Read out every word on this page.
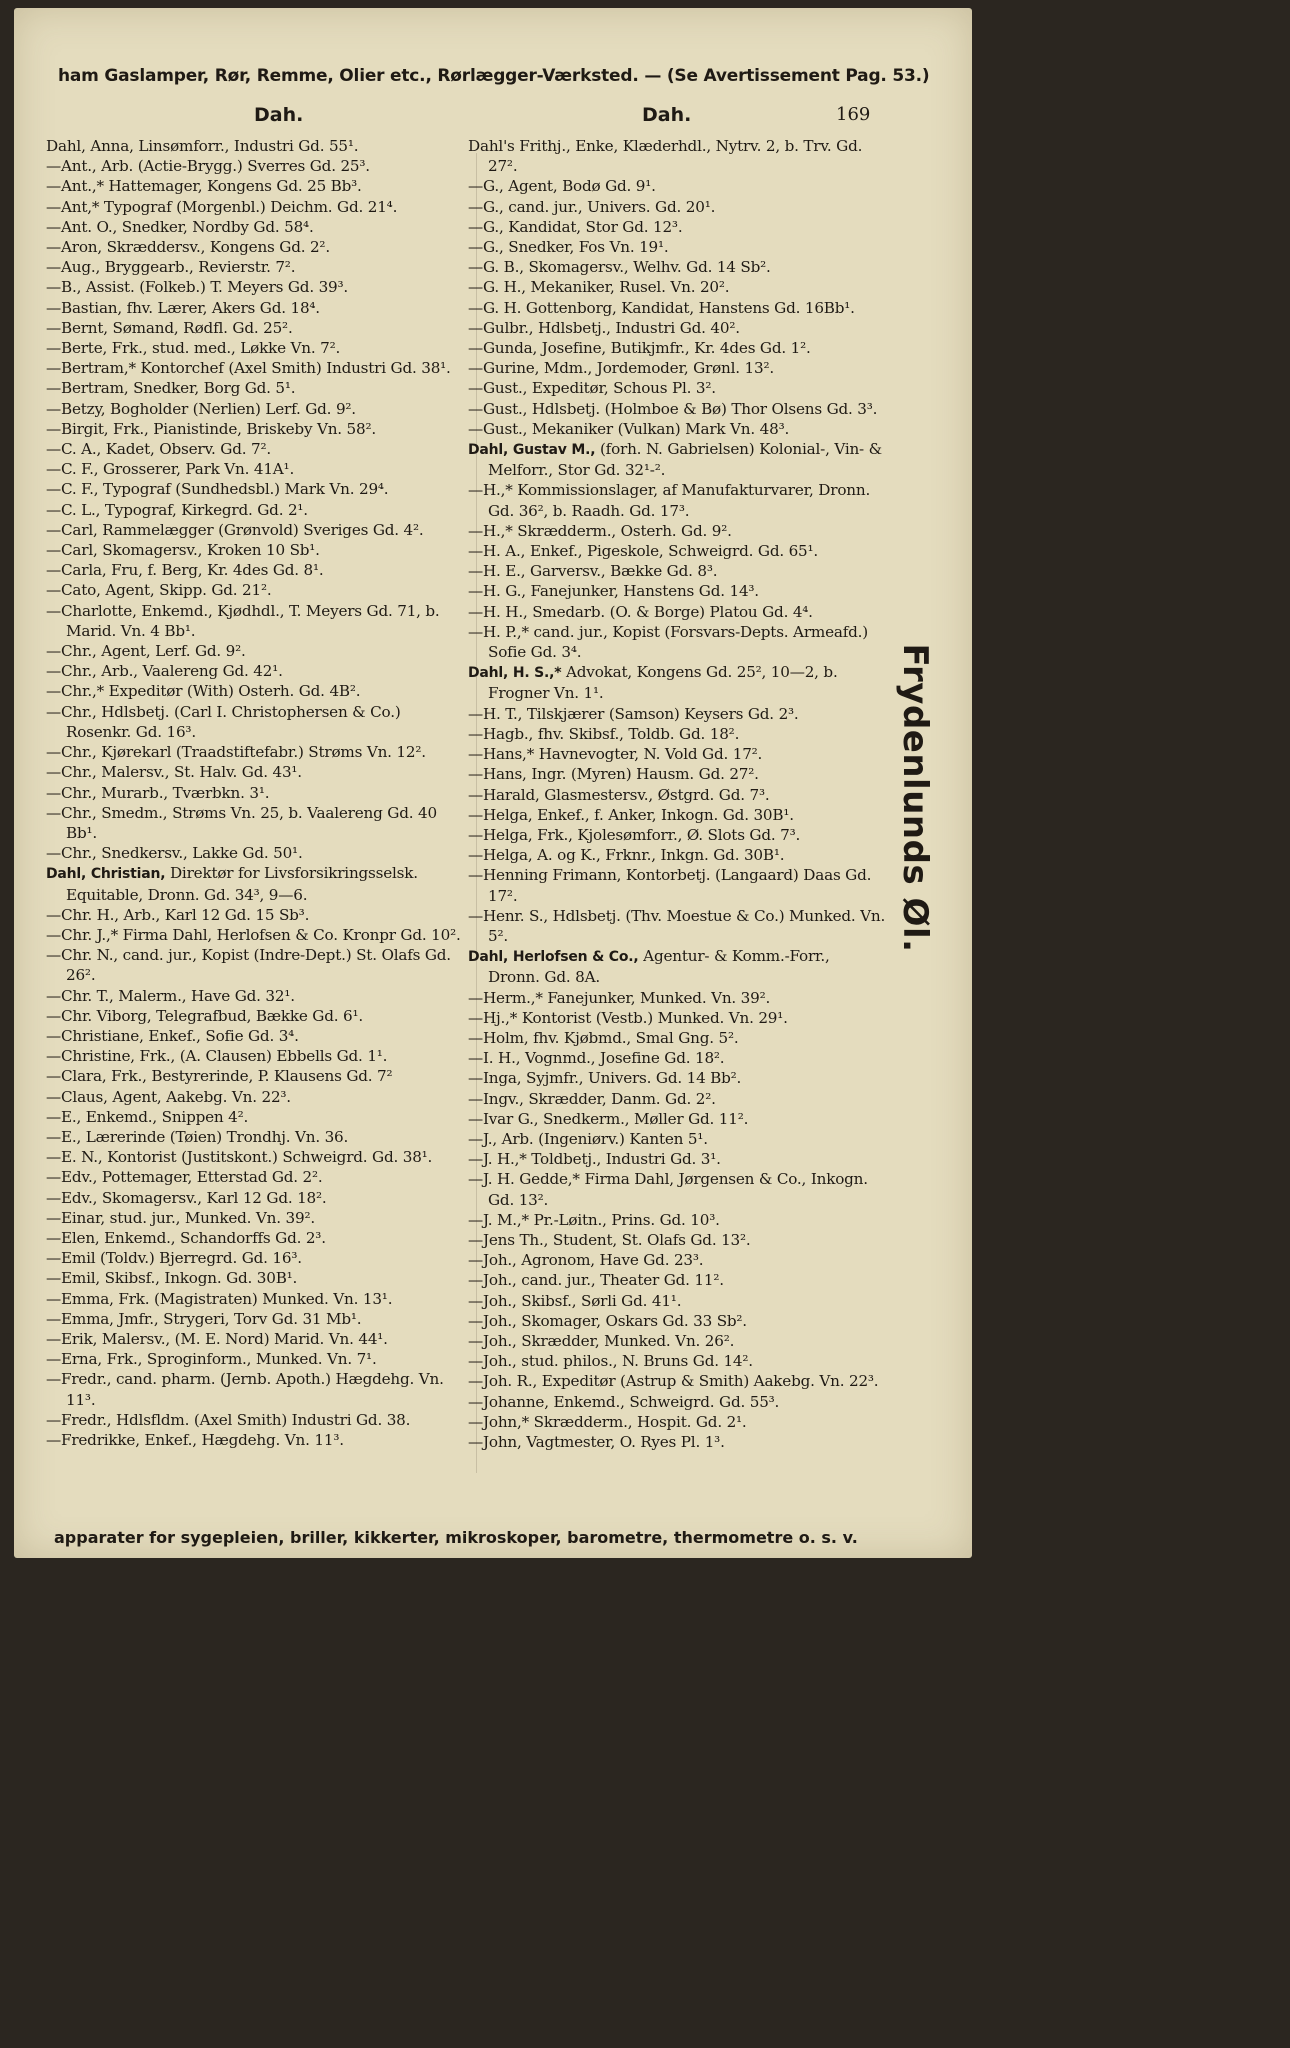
ham Gaslamper, Rør, Remme, Olier etc., Rørlægger-Værksted. — (Se Avertissement Pag. 53.)
Dah.	Dah.	169

Dahl, Anna, Linsømforr., Industri Gd. 55¹.

—Ant., Arb. (Actie-Brygg.) Sverres Gd. 25³.

—Ant.,* Hattemager, Kongens Gd. 25 Bb³.

—Ant,* Typograf (Morgenbl.) Deichm. Gd. 21⁴.

—Ant. O., Snedker, Nordby Gd. 58⁴.

—Aron, Skræddersv., Kongens Gd. 2².

—Aug., Bryggearb., Revierstr. 7².

—B., Assist. (Folkeb.) T. Meyers Gd. 39³.

—Bastian, fhv. Lærer, Akers Gd. 18⁴.

—Bernt, Sømand, Rødfl. Gd. 25².

—Berte, Frk., stud. med., Løkke Vn. 7².

—Bertram,* Kontorchef (Axel Smith) Industri Gd. 38¹.

—Bertram, Snedker, Borg Gd. 5¹.

—Betzy, Bogholder (Nerlien) Lerf. Gd. 9².

—Birgit, Frk., Pianistinde, Briskeby Vn. 58².

—C. A., Kadet, Observ. Gd. 7².

—C. F., Grosserer, Park Vn. 41A¹.

—C. F., Typograf (Sundhedsbl.) Mark Vn. 29⁴.

—C. L., Typograf, Kirkegrd. Gd. 2¹.

—Carl, Rammelægger (Grønvold) Sveriges Gd. 4².

—Carl, Skomagersv., Kroken 10 Sb¹.

—Carla, Fru, f. Berg, Kr. 4des Gd. 8¹.

—Cato, Agent, Skipp. Gd. 21².

—Charlotte, Enkemd., Kjødhdl., T. Meyers Gd. 71, b. Marid. Vn. 4 Bb¹.

—Chr., Agent, Lerf. Gd. 9².

—Chr., Arb., Vaalereng Gd. 42¹.

—Chr.,* Expeditør (With) Osterh. Gd. 4B².

—Chr., Hdlsbetj. (Carl I. Christophersen & Co.) Rosenkr. Gd. 16³.

—Chr., Kjørekarl (Traadstiftefabr.) Strøms Vn. 12².

—Chr., Malersv., St. Halv. Gd. 43¹.

—Chr., Murarb., Tværbkn. 3¹.

—Chr., Smedm., Strøms Vn. 25, b. Vaalereng Gd. 40 Bb¹.

—Chr., Snedkersv., Lakke Gd. 50¹.

Dahl, Christian, Direktør for Livsforsikringsselsk. Equitable, Dronn. Gd. 34³, 9—6.

—Chr. H., Arb., Karl 12 Gd. 15 Sb³.

—Chr. J.,* Firma Dahl, Herlofsen & Co. Kronpr Gd. 10².

—Chr. N., cand. jur., Kopist (Indre-Dept.) St. Olafs Gd. 26².

—Chr. T., Malerm., Have Gd. 32¹.

—Chr. Viborg, Telegrafbud, Bække Gd. 6¹.

—Christiane, Enkef., Sofie Gd. 3⁴.

—Christine, Frk., (A. Clausen) Ebbells Gd. 1¹.

—Clara, Frk., Bestyrerinde, P. Klausens Gd. 7²

—Claus, Agent, Aakebg. Vn. 22³.

—E., Enkemd., Snippen 4².

—E., Lærerinde (Tøien) Trondhj. Vn. 36.

—E. N., Kontorist (Justitskont.) Schweigrd. Gd. 38¹.

—Edv., Pottemager, Etterstad Gd. 2².

—Edv., Skomagersv., Karl 12 Gd. 18².

—Einar, stud. jur., Munked. Vn. 39².

—Elen, Enkemd., Schandorffs Gd. 2³.

—Emil (Toldv.) Bjerregrd. Gd. 16³.

—Emil, Skibsf., Inkogn. Gd. 30B¹.

—Emma, Frk. (Magistraten) Munked. Vn. 13¹.

—Emma, Jmfr., Strygeri, Torv Gd. 31 Mb¹.

—Erik, Malersv., (M. E. Nord) Marid. Vn. 44¹.

—Erna, Frk., Sproginform., Munked. Vn. 7¹.

—Fredr., cand. pharm. (Jernb. Apoth.) Hægdehg. Vn. 11³.

—Fredr., Hdlsfldm. (Axel Smith) Industri Gd. 38.

—Fredrikke, Enkef., Hægdehg. Vn. 11³.

Dahl's Frithj., Enke, Klæderhdl., Nytrv. 2, b. Trv. Gd. 27².

—G., Agent, Bodø Gd. 9¹.

—G., cand. jur., Univers. Gd. 20¹.

—G., Kandidat, Stor Gd. 12³.

—G., Snedker, Fos Vn. 19¹.

—G. B., Skomagersv., Welhv. Gd. 14 Sb².

—G. H., Mekaniker, Rusel. Vn. 20².

—G. H. Gottenborg, Kandidat, Hanstens Gd. 16Bb¹.

—Gulbr., Hdlsbetj., Industri Gd. 40².

—Gunda, Josefine, Butikjmfr., Kr. 4des Gd. 1².

—Gurine, Mdm., Jordemoder, Grønl. 13².

—Gust., Expeditør, Schous Pl. 3².

—Gust., Hdlsbetj. (Holmboe & Bø) Thor Olsens Gd. 3³.

—Gust., Mekaniker (Vulkan) Mark Vn. 48³.

Dahl, Gustav M., (forh. N. Gabrielsen) Kolonial-, Vin- & Melforr., Stor Gd. 32¹-².

—H.,* Kommissionslager, af Manufakturvarer, Dronn. Gd. 36², b. Raadh. Gd. 17³.

—H.,* Skrædderm., Osterh. Gd. 9².

—H. A., Enkef., Pigeskole, Schweigrd. Gd. 65¹.

—H. E., Garversv., Bække Gd. 8³.

—H. G., Fanejunker, Hanstens Gd. 14³.

—H. H., Smedarb. (O. & Borge) Platou Gd. 4⁴.

—H. P.,* cand. jur., Kopist (Forsvars-Depts. Armeafd.) Sofie Gd. 3⁴.

Dahl, H. S.,* Advokat, Kongens Gd. 25², 10—2, b. Frogner Vn. 1¹.

—H. T., Tilskjærer (Samson) Keysers Gd. 2³.

—Hagb., fhv. Skibsf., Toldb. Gd. 18².

—Hans,* Havnevogter, N. Vold Gd. 17².

—Hans, Ingr. (Myren) Hausm. Gd. 27².

—Harald, Glasmestersv., Østgrd. Gd. 7³.

—Helga, Enkef., f. Anker, Inkogn. Gd. 30B¹.

—Helga, Frk., Kjolesømforr., Ø. Slots Gd. 7³.

—Helga, A. og K., Frknr., Inkgn. Gd. 30B¹.

—Henning Frimann, Kontorbetj. (Langaard) Daas Gd. 17².

—Henr. S., Hdlsbetj. (Thv. Moestue & Co.) Munked. Vn. 5².

Dahl, Herlofsen & Co., Agentur- & Komm.-Forr., Dronn. Gd. 8A.

—Herm.,* Fanejunker, Munked. Vn. 39².

—Hj.,* Kontorist (Vestb.) Munked. Vn. 29¹.

—Holm, fhv. Kjøbmd., Smal Gng. 5².

—I. H., Vognmd., Josefine Gd. 18².

—Inga, Syjmfr., Univers. Gd. 14 Bb².

—Ingv., Skrædder, Danm. Gd. 2².

—Ivar G., Snedkerm., Møller Gd. 11².

—J., Arb. (Ingeniørv.) Kanten 5¹.

—J. H.,* Toldbetj., Industri Gd. 3¹.

—J. H. Gedde,* Firma Dahl, Jørgensen & Co., Inkogn. Gd. 13².

—J. M.,* Pr.-Løitn., Prins. Gd. 10³.

—Jens Th., Student, St. Olafs Gd. 13².

—Joh., Agronom, Have Gd. 23³.

—Joh., cand. jur., Theater Gd. 11².

—Joh., Skibsf., Sørli Gd. 41¹.

—Joh., Skomager, Oskars Gd. 33 Sb².

—Joh., Skrædder, Munked. Vn. 26².

—Joh., stud. philos., N. Bruns Gd. 14².

—Joh. R., Expeditør (Astrup & Smith) Aakebg. Vn. 22³.

—Johanne, Enkemd., Schweigrd. Gd. 55³.

—John,* Skrædderm., Hospit. Gd. 2¹.

—John, Vagtmester, O. Ryes Pl. 1³.

Frydenlunds Øl.
apparater for sygepleien, briller, kikkerter, mikroskoper, barometre, thermometre o. s. v.
